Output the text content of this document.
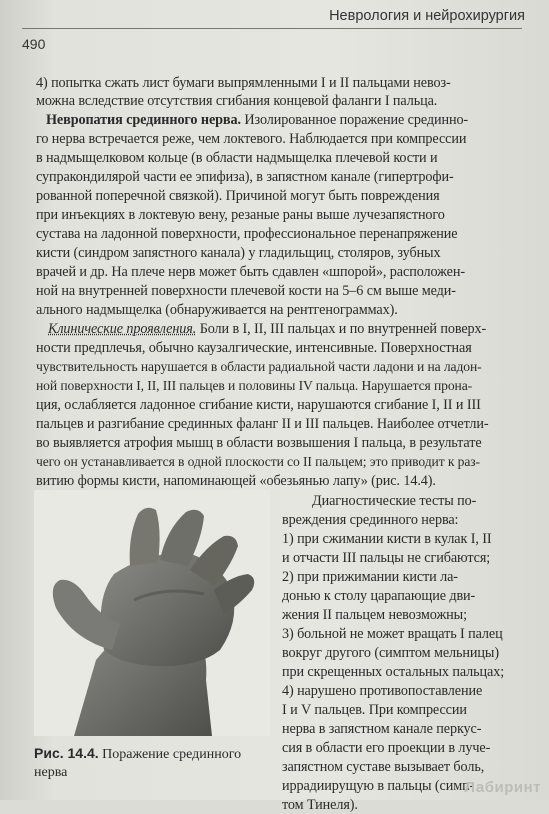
Неврология и нейрохирургия
490
4) попытка сжать лист бумаги выпрямленными I и II пальцами невоз-
можна вследствие отсутствия сгибания концевой фаланги I пальца.
Невропатия срединного нерва. Изолированное поражение срединно-
го нерва встречается реже, чем локтевого. Наблюдается при компрессии
в надмыщелковом кольце (в области надмыщелка плечевой кости и
супракондилярой части ее эпифиза), в запястном канале (гипертрофи-
рованной поперечной связкой). Причиной могут быть повреждения
при инъекциях в локтевую вену, резаные раны выше лучезапястного
сустава на ладонной поверхности, профессиональное перенапряжение
кисти (синдром запястного канала) у гладильщиц, столяров, зубных
врачей и др. На плече нерв может быть сдавлен «шпорой», расположен-
ной на внутренней поверхности плечевой кости на 5–6 см выше меди-
ального надмыщелка (обнаруживается на рентгенограммах).
Клинические проявления. Боли в I, II, III пальцах и по внутренней поверх-
ности предплечья, обычно каузалгические, интенсивные. Поверхностная
чувствительность нарушается в области радиальной части ладони и на ладон-
ной поверхности I, II, III пальцев и половины IV пальца. Нарушается прона-
ция, ослабляется ладонное сгибание кисти, нарушаются сгибание I, II и III
пальцев и разгибание срединных фаланг II и III пальцев. Наиболее отчетли-
во выявляется атрофия мышц в области возвышения I пальца, в результате
чего он устанавливается в одной плоскости со II пальцем; это приводит к раз-
витию формы кисти, напоминающей «обезьянью лапу» (рис. 14.4).
Диагностические тесты по-
вреждения срединного нерва:
1) при сжимании кисти в кулак I, II
и отчасти III пальцы не сгибаются;
2) при прижимании кисти ла-
донью к столу царапающие дви-
жения II пальцем невозможны;
3) больной не может вращать I палец
вокруг другого (симптом мельницы)
при скрещенных остальных пальцах;
4) нарушено противопоставление
I и V пальцев. При компрессии
нерва в запястном канале перкус-
сия в области его проекции в луче-
запястном суставе вызывает боль,
иррадиирущую в пальцы (симп-
том Тинеля).
Рис. 14.4. Поражение срединного
нерва
Лабиринт
